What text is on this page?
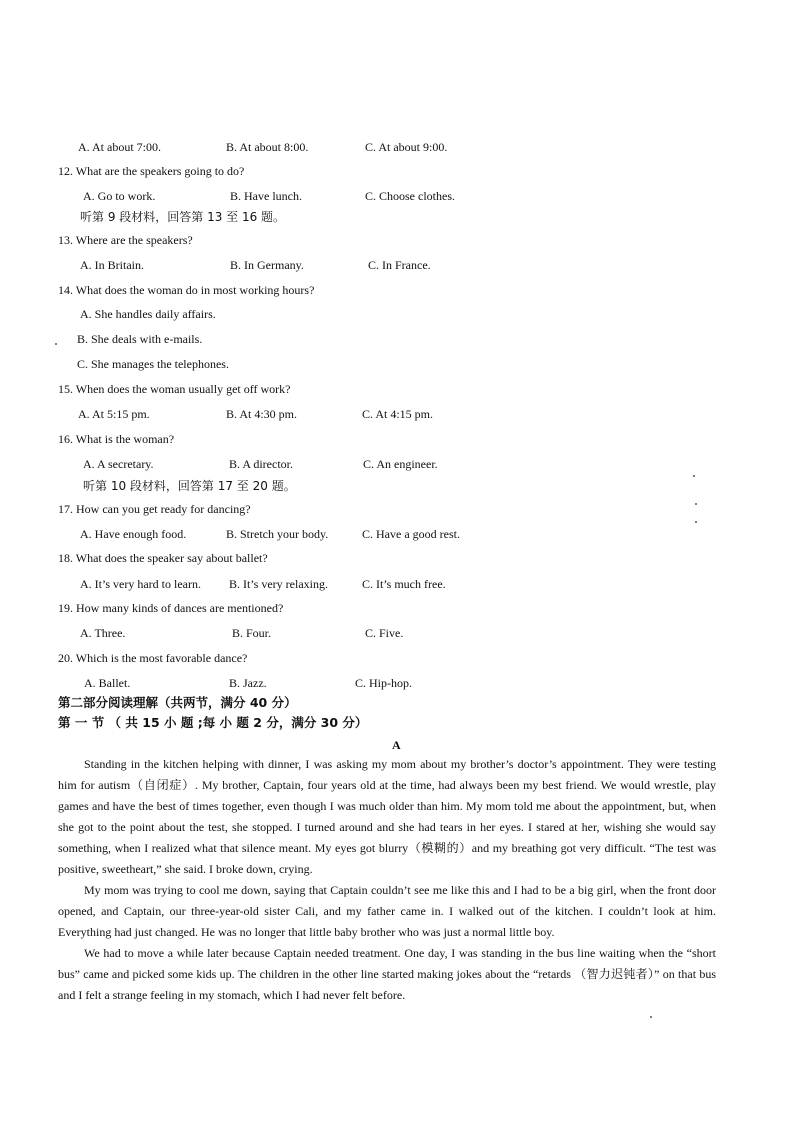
A. At about 7:00.	B. At about 8:00.	C. At about 9:00.
12. What are the speakers going to do?
A. Go to work.	B. Have lunch.	C. Choose clothes.
听第 9 段材料，回答第 13 至 16 题。
13. Where are the speakers?
A. In Britain.	B. In Germany.	C. In France.
14. What does the woman do in most working hours?
A. She handles daily affairs.
B. She deals with e-mails.
C. She manages the telephones.
15. When does the woman usually get off work?
A. At 5:15 pm.	B. At 4:30 pm.	C. At 4:15 pm.
16. What is the woman?
A. A secretary.	B. A director.	C. An engineer.
听第 10 段材料，回答第 17 至 20 题。
17. How can you get ready for dancing?
A. Have enough food.	B. Stretch your body.	C. Have a good rest.
18. What does the speaker say about ballet?
A. It’s very hard to learn. B. It’s very relaxing.	C. It’s much free.
19. How many kinds of dances are mentioned?
A. Three.	B. Four.	C. Five.
20. Which is the most favorable dance?
A. Ballet.	B. Jazz.	C. Hip-hop.
第二部分阅读理解（共两节，满分 40 分）
第 一 节 （ 共 15 小 题 ;每 小 题 2 分，满分 30 分）
A
Standing in the kitchen helping with dinner, I was asking my mom about my brother’s doctor’s appointment. They were testing him for autism（自闭症）. My brother, Captain, four years old at the time, had always been my best friend. We would wrestle, play games and have the best of times together, even though I was much older than him. My mom told me about the appointment, but, when she got to the point about the test, she stopped. I turned around and she had tears in her eyes. I stared at her, wishing she would say something, when I realized what that silence meant. My eyes got blurry（模糊的）and my breathing got very difficult. “The test was positive, sweetheart,” she said. I broke down, crying.
My mom was trying to cool me down, saying that Captain couldn’t see me like this and I had to be a big girl, when the front door opened, and Captain, our three-year-old sister Cali, and my father came in. I walked out of the kitchen. I couldn’t look at him. Everything had just changed. He was no longer that little baby brother who was just a normal little boy.
We had to move a while later because Captain needed treatment. One day, I was standing in the bus line waiting when the “short bus” came and picked some kids up. The children in the other line started making jokes about the “retards （智力迟钝者）” on that bus and I felt a strange feeling in my stomach, which I had never felt before.
